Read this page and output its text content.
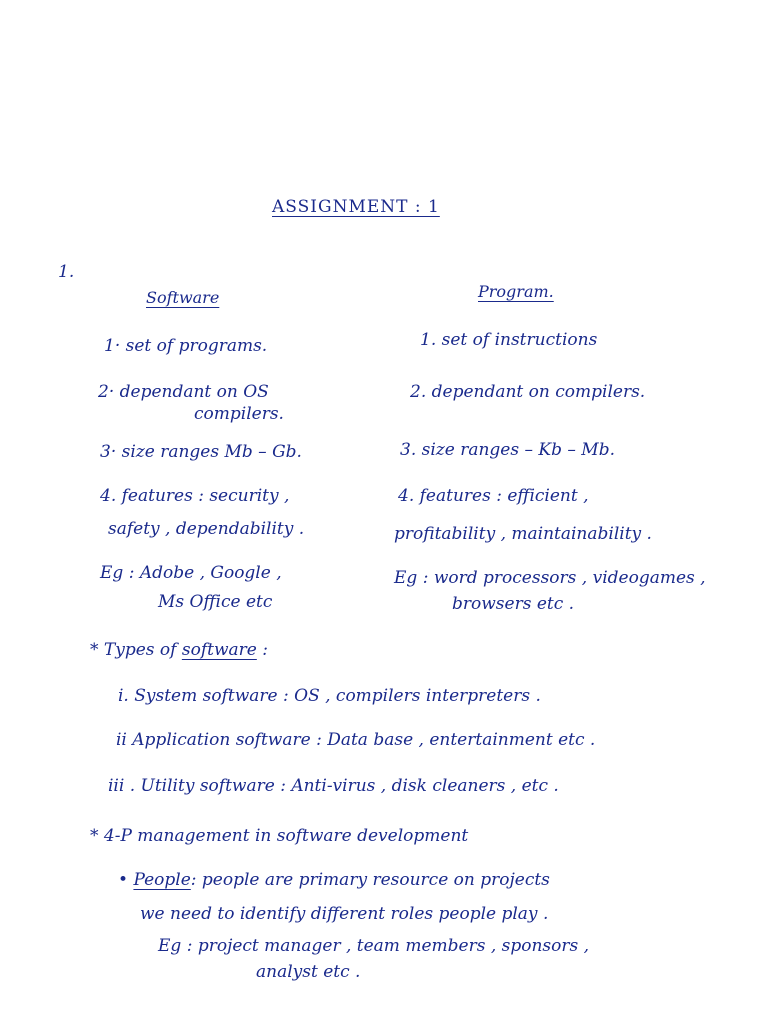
ASSIGNMENT : 1
1.
Software
1· set of programs.
2· dependant on OS
compilers.
3· size ranges Mb – Gb.
4. features : security ,
safety , dependability .
Eg : Adobe , Google ,
Ms Office etc
Program.
1. set of instructions
2. dependant on compilers.
3. size ranges – Kb – Mb.
4. features : efficient ,
profitability , maintainability .
Eg : word processors , videogames ,
browsers etc .
* Types of software :
i. System software : OS , compilers interpreters .
ii Application software : Data base , entertainment etc .
iii . Utility software : Anti-virus , disk cleaners , etc .
* 4-P management in software development
• People: people are primary resource on projects
we need to identify different roles people play .
Eg : project manager , team members , sponsors ,
analyst etc .
